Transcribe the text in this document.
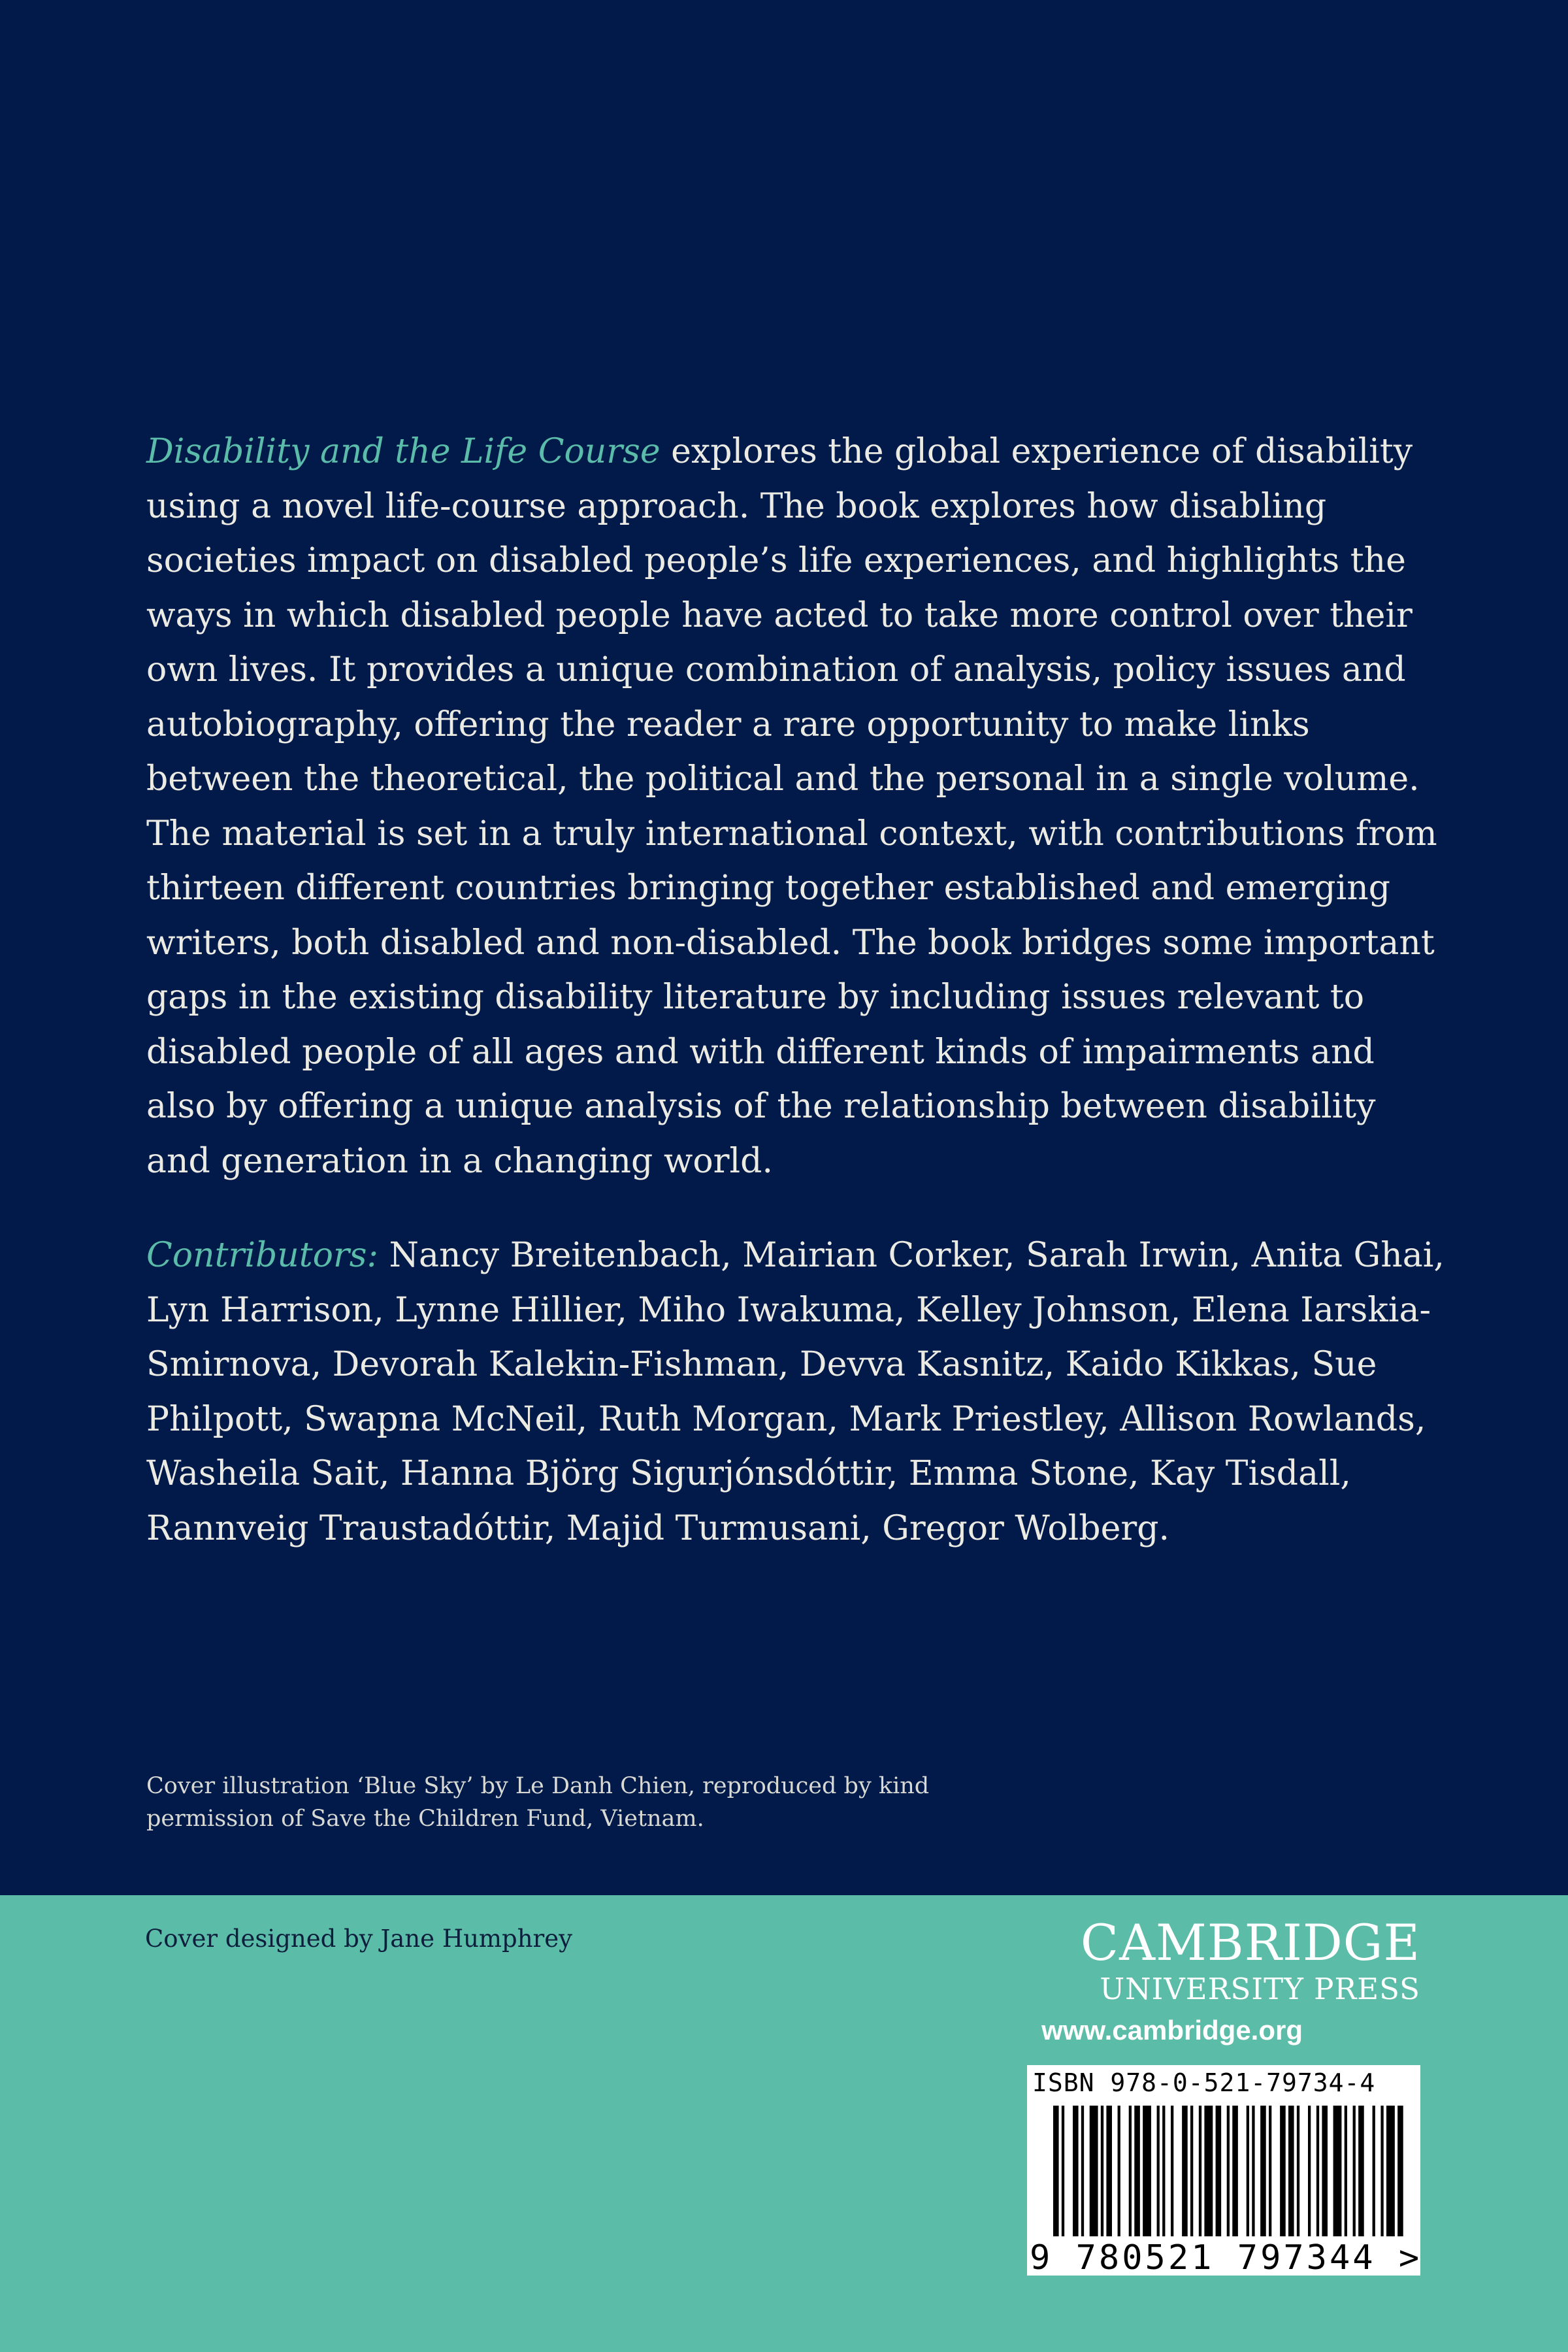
Disability and the Life Course explores the global experience of disability using a novel life-course approach. The book explores how disabling societies impact on disabled people’s life experiences, and highlights the ways in which disabled people have acted to take more control over their own lives. It provides a unique combination of analysis, policy issues and autobiography, offering the reader a rare opportunity to make links between the theoretical, the political and the personal in a single volume. The material is set in a truly international context, with contributions from thirteen different countries bringing together established and emerging writers, both disabled and non-disabled. The book bridges some important gaps in the existing disability literature by including issues relevant to disabled people of all ages and with different kinds of impairments and also by offering a unique analysis of the relationship between disability and generation in a changing world.

Contributors: Nancy Breitenbach, Mairian Corker, Sarah Irwin, Anita Ghai, Lyn Harrison, Lynne Hillier, Miho Iwakuma, Kelley Johnson, Elena Iarskia-Smirnova, Devorah Kalekin-Fishman, Devva Kasnitz, Kaido Kikkas, Sue Philpott, Swapna McNeil, Ruth Morgan, Mark Priestley, Allison Rowlands, Washeila Sait, Hanna Björg Sigurjónsdóttir, Emma Stone, Kay Tisdall, Rannveig Traustadóttir, Majid Turmusani, Gregor Wolberg.

Cover illustration ‘Blue Sky’ by Le Danh Chien, reproduced by kind permission of Save the Children Fund, Vietnam.

Cover designed by Jane Humphrey	CAMBRIDGE
UNIVERSITY PRESS
www.cambridge.org
ISBN 978-0-521-79734-4
9 780521 797344 >
